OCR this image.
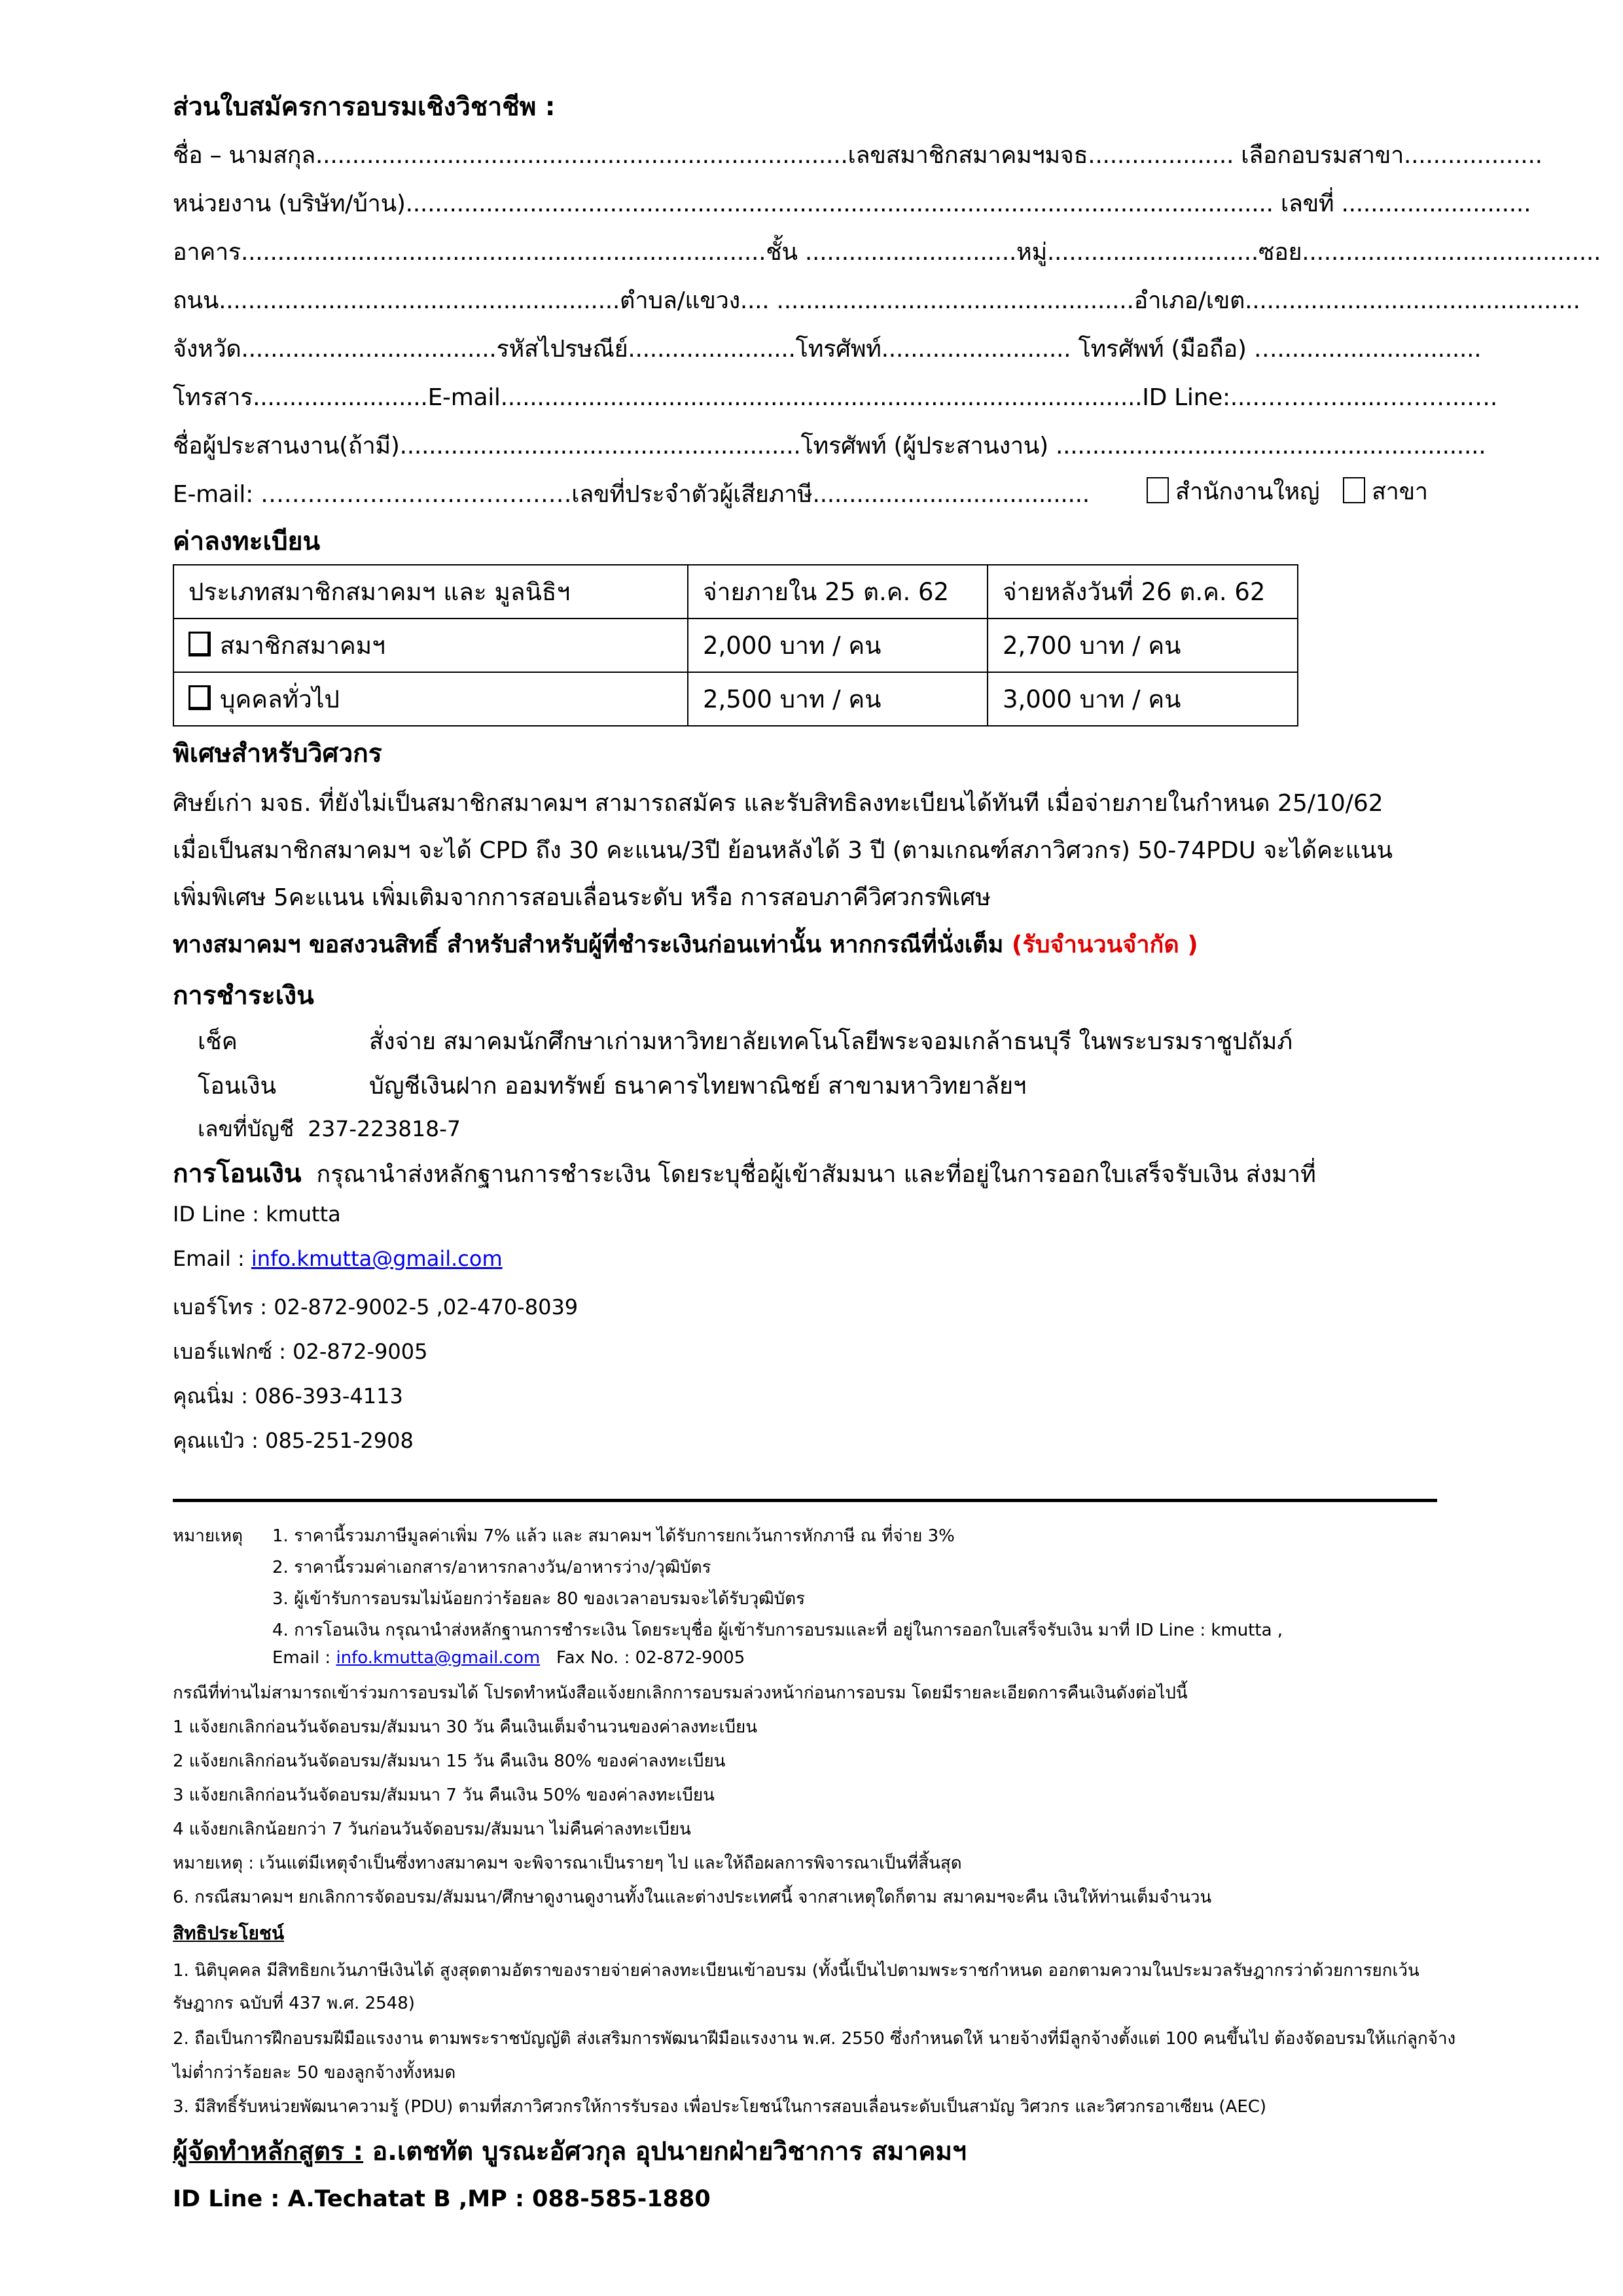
ส่วนใบสมัครการอบรมเชิงวิชาชีพ :
ชื่อ – นามสกุล.........................................................................เลขสมาชิกสมาคมฯมจธ.................... เลือกอบรมสาขา...................
หน่วยงาน (บริษัท/บ้าน)....................................................................................................................... เลขที่ ..........................
อาคาร........................................................................ชั้น .............................หมู่.............................ซอย.........................................
ถนน.......................................................ตำบล/แขวง.... .................................................อำเภอ/เขต..............................................
จังหวัด...................................รหัสไปรษณีย์.......................โทรศัพท์.......................... โทรศัพท์ (มือถือ) …............................
โทรสาร........................E-mail........................................................................................ID Line:...………….....………..….
ชื่อผู้ประสานงาน(ถ้ามี).......................................................โทรศัพท์ (ผู้ประสานงาน) ...........................................................
E-mail: ……………….…………………เลขที่ประจำตัวผู้เสียภาษี......................................	สำนักงานใหญ่	สาขา
ค่าลงทะเบียน
ประเภทสมาชิกสมาคมฯ และ มูลนิธิฯ	จ่ายภายใน 25 ต.ค. 62	จ่ายหลังวันที่ 26 ต.ค. 62
สมาชิกสมาคมฯ	2,000 บาท / คน	2,700 บาท / คน
บุคคลทั่วไป	2,500 บาท / คน	3,000 บาท / คน
พิเศษสำหรับวิศวกร
ศิษย์เก่า มจธ. ที่ยังไม่เป็นสมาชิกสมาคมฯ สามารถสมัคร และรับสิทธิลงทะเบียนได้ทันที เมื่อจ่ายภายในกำหนด 25/10/62
เมื่อเป็นสมาชิกสมาคมฯ จะได้ CPD ถึง 30 คะแนน/3ปี ย้อนหลังได้ 3 ปี (ตามเกณฑ์สภาวิศวกร) 50-74PDU จะได้คะแนน
เพิ่มพิเศษ 5คะแนน เพิ่มเติมจากการสอบเลื่อนระดับ หรือ การสอบภาคีวิศวกรพิเศษ
ทางสมาคมฯ ขอสงวนสิทธิ์ สำหรับสำหรับผู้ที่ชำระเงินก่อนเท่านั้น หากกรณีที่นั่งเต็ม (รับจำนวนจำกัด )
การชำระเงิน
เช็ค	สั่งจ่าย สมาคมนักศึกษาเก่ามหาวิทยาลัยเทคโนโลยีพระจอมเกล้าธนบุรี ในพระบรมราชูปถัมภ์
โอนเงิน	บัญชีเงินฝาก ออมทรัพย์ ธนาคารไทยพาณิชย์ สาขามหาวิทยาลัยฯ
เลขที่บัญชี 237-223818-7
การโอนเงิน กรุณานำส่งหลักฐานการชำระเงิน โดยระบุชื่อผู้เข้าสัมมนา และที่อยู่ในการออกใบเสร็จรับเงิน ส่งมาที่
ID Line : kmutta
Email : info.kmutta@gmail.com
เบอร์โทร : 02-872-9002-5 ,02-470-8039
เบอร์แฟกซ์ : 02-872-9005
คุณนิ่ม : 086-393-4113
คุณแป๋ว : 085-251-2908
หมายเหตุ 1. ราคานี้รวมภาษีมูลค่าเพิ่ม 7% แล้ว และ สมาคมฯ ได้รับการยกเว้นการหักภาษี ณ ที่จ่าย 3%
2. ราคานี้รวมค่าเอกสาร/อาหารกลางวัน/อาหารว่าง/วุฒิบัตร
3. ผู้เข้ารับการอบรมไม่น้อยกว่าร้อยละ 80 ของเวลาอบรมจะได้รับวุฒิบัตร
4. การโอนเงิน กรุณานำส่งหลักฐานการชำระเงิน โดยระบุชื่อ ผู้เข้ารับการอบรมและที่ อยู่ในการออกใบเสร็จรับเงิน มาที่ ID Line : kmutta ,
Email : info.kmutta@gmail.com Fax No. : 02-872-9005
กรณีที่ท่านไม่สามารถเข้าร่วมการอบรมได้ โปรดทำหนังสือแจ้งยกเลิกการอบรมล่วงหน้าก่อนการอบรม โดยมีรายละเอียดการคืนเงินดังต่อไปนี้
1 แจ้งยกเลิกก่อนวันจัดอบรม/สัมมนา 30 วัน คืนเงินเต็มจำนวนของค่าลงทะเบียน
2 แจ้งยกเลิกก่อนวันจัดอบรม/สัมมนา 15 วัน คืนเงิน 80% ของค่าลงทะเบียน
3 แจ้งยกเลิกก่อนวันจัดอบรม/สัมมนา 7 วัน คืนเงิน 50% ของค่าลงทะเบียน
4 แจ้งยกเลิกน้อยกว่า 7 วันก่อนวันจัดอบรม/สัมมนา ไม่คืนค่าลงทะเบียน
หมายเหตุ : เว้นแต่มีเหตุจำเป็นซึ่งทางสมาคมฯ จะพิจารณาเป็นรายๆ ไป และให้ถือผลการพิจารณาเป็นที่สิ้นสุด
6. กรณีสมาคมฯ ยกเลิกการจัดอบรม/สัมมนา/ศึกษาดูงานดูงานทั้งในและต่างประเทศนี้ จากสาเหตุใดก็ตาม สมาคมฯจะคืน เงินให้ท่านเต็มจำนวน
สิทธิประโยชน์
1. นิติบุคคล มีสิทธิยกเว้นภาษีเงินได้ สูงสุดตามอัตราของรายจ่ายค่าลงทะเบียนเข้าอบรม (ทั้งนี้เป็นไปตามพระราชกำหนด ออกตามความในประมวลรัษฎากรว่าด้วยการยกเว้น
รัษฎากร ฉบับที่ 437 พ.ศ. 2548)
2. ถือเป็นการฝึกอบรมฝีมือแรงงาน ตามพระราชบัญญัติ ส่งเสริมการพัฒนาฝีมือแรงงาน พ.ศ. 2550 ซึ่งกำหนดให้ นายจ้างที่มีลูกจ้างตั้งแต่ 100 คนขึ้นไป ต้องจัดอบรมให้แก่ลูกจ้าง
ไม่ต่ำกว่าร้อยละ 50 ของลูกจ้างทั้งหมด
3. มีสิทธิ์รับหน่วยพัฒนาความรู้ (PDU) ตามที่สภาวิศวกรให้การรับรอง เพื่อประโยชน์ในการสอบเลื่อนระดับเป็นสามัญ วิศวกร และวิศวกรอาเซียน (AEC)
ผู้จัดทำหลักสูตร : อ.เตชทัต บูรณะอัศวกุล อุปนายกฝ่ายวิชาการ สมาคมฯ
ID Line : A.Techatat B ,MP : 088-585-1880
